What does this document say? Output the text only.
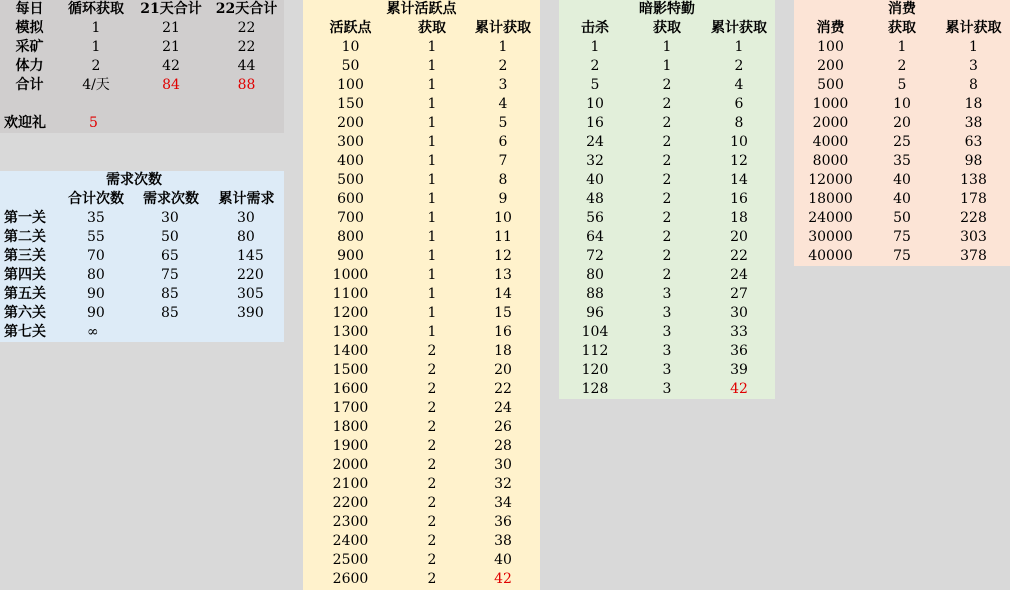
每日	循环获取	21天合计	22天合计
模拟	1	21	22
采矿	1	21	22
体力	2	42	44
合计	4/天	84	88

欢迎礼	5		
	需求次数		
	合计次数	需求次数	累计需求
第一关	35	30	30
第二关	55	50	80
第三关	70	65	145
第四关	80	75	220
第五关	90	85	305
第六关	90	85	390
第七关	∞		
累计活跃点		
活跃点	获取	累计获取
10	1	1
50	1	2
100	1	3
150	1	4
200	1	5
300	1	6
400	1	7
500	1	8
600	1	9
700	1	10
800	1	11
900	1	12
1000	1	13
1100	1	14
1200	1	15
1300	1	16
1400	2	18
1500	2	20
1600	2	22
1700	2	24
1800	2	26
1900	2	28
2000	2	30
2100	2	32
2200	2	34
2300	2	36
2400	2	38
2500	2	40
2600	2	42
暗影特勤		
击杀	获取	累计获取
1	1	1
2	1	2
5	2	4
10	2	6
16	2	8
24	2	10
32	2	12
40	2	14
48	2	16
56	2	18
64	2	20
72	2	22
80	2	24
88	3	27
96	3	30
104	3	33
112	3	36
120	3	39
128	3	42
消费		
消费	获取	累计获取
100	1	1
200	2	3
500	5	8
1000	10	18
2000	20	38
4000	25	63
8000	35	98
12000	40	138
18000	40	178
24000	50	228
30000	75	303
40000	75	378
